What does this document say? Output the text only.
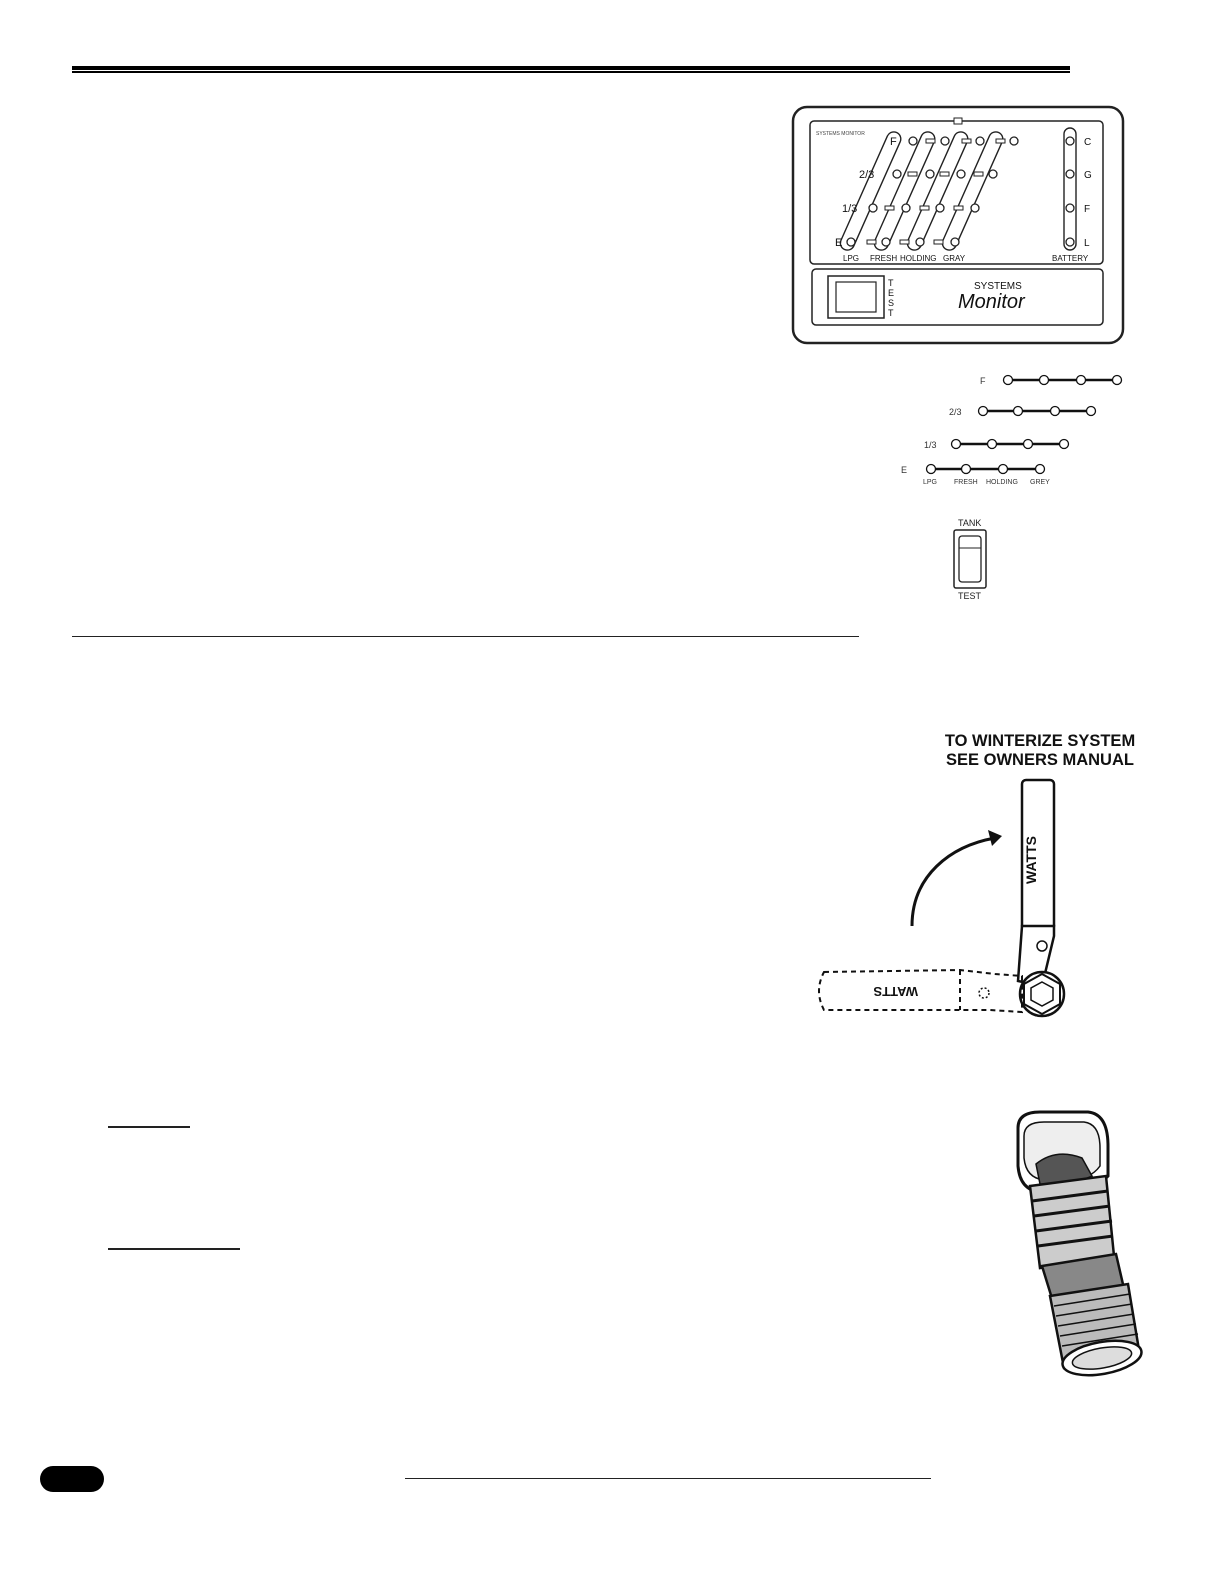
SYSTEMS MONITOR
F
2/3
1/3
E
LPG FRESH HOLDING GRAY
C
G
F
L
BATTERY
T
E
S
T
SYSTEMS
Monitor
F
2/3
1/3
E
LPG FRESH HOLDING GREY
TANK
TEST
TO WINTERIZE SYSTEM
SEE OWNERS MANUAL
WATTS
WATTS
